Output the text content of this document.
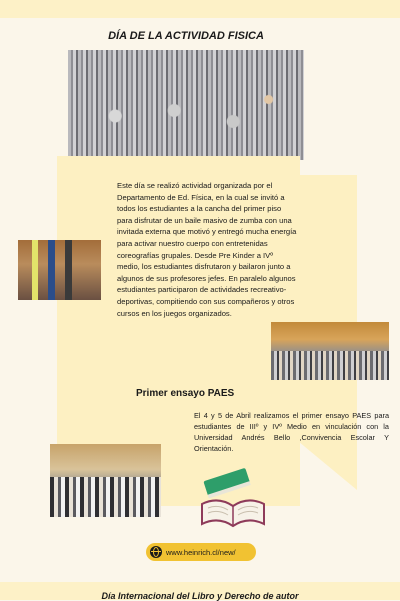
DÍA DE LA ACTIVIDAD FISICA

Este día se realizó actividad organizada por el Departamento de Ed. Física, en la cual se invitó a todos los estudiantes a la cancha del primer piso para disfrutar de un baile masivo de zumba con una invitada externa que motivó y entregó mucha energía para activar nuestro cuerpo con entretenidas coreografías grupales. Desde Pre Kinder a IVº medio, los estudiantes disfrutaron y bailaron junto a algunos de sus profesores jefes. En paralelo algunos estudiantes participaron de actividades recreativo-deportivas, compitiendo con sus compañeros y otros cursos en los juegos organizados.

Primer ensayo PAES

El 4 y 5 de Abril realizamos el primer ensayo PAES para estudiantes de IIIº y IVº Medio en vinculación con la Universidad Andrés Bello ,Convivencia Escolar Y Orientación.

www.heinrich.cl/new/

Día Internacional del Libro y Derecho de autor
